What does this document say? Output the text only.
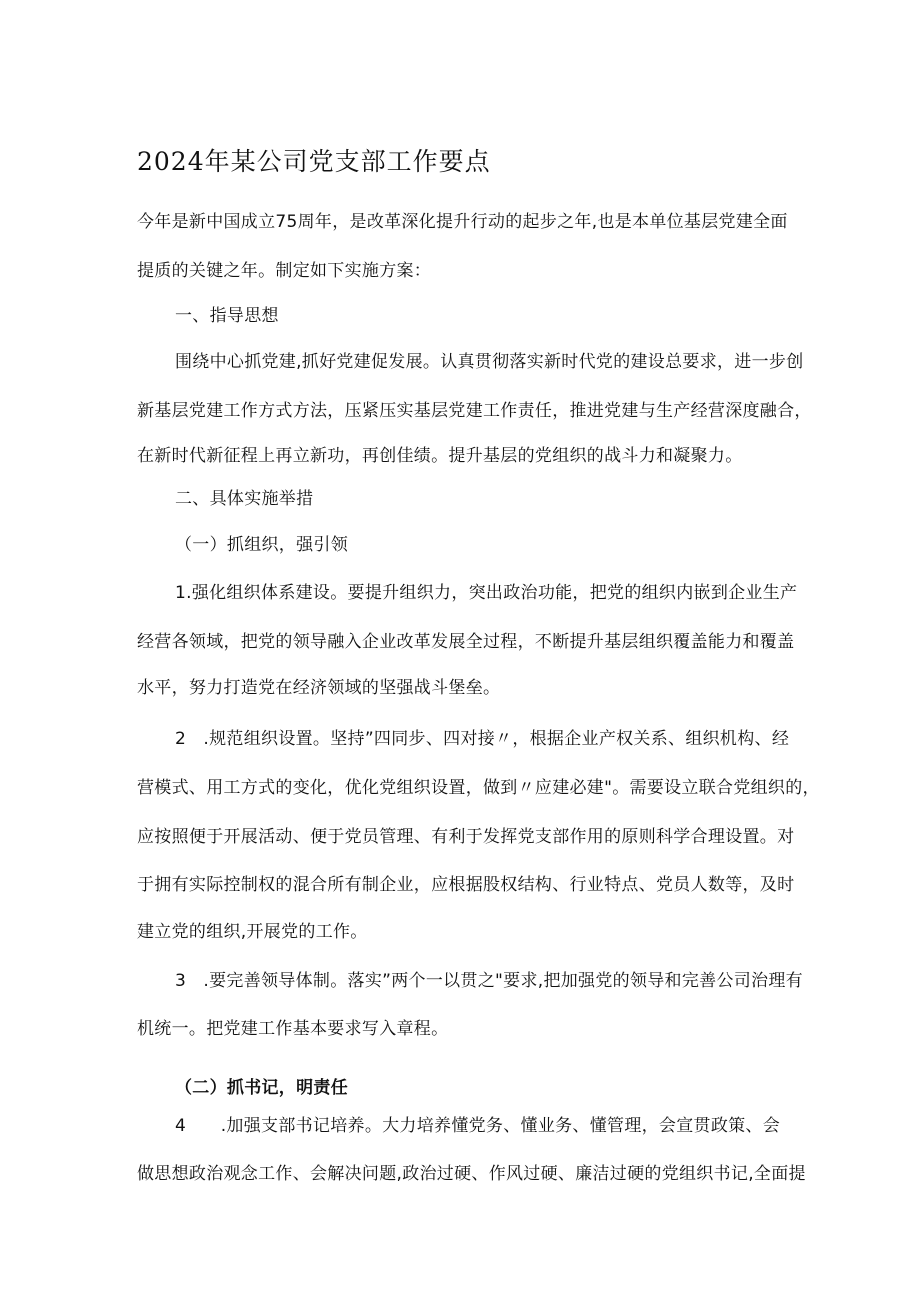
2024年某公司党支部工作要点
今年是新中国成立75周年，是改革深化提升行动的起步之年,也是本单位基层党建全面
提质的关键之年。制定如下实施方案：
一、指导思想
围绕中心抓党建,抓好党建促发展。认真贯彻落实新时代党的建设总要求，进一步创
新基层党建工作方式方法，压紧压实基层党建工作责任，推进党建与生产经营深度融合，
在新时代新征程上再立新功，再创佳绩。提升基层的党组织的战斗力和凝聚力。
二、具体实施举措
（一）抓组织，强引领
1.强化组织体系建设。要提升组织力，突出政治功能，把党的组织内嵌到企业生产
经营各领域，把党的领导融入企业改革发展全过程，不断提升基层组织覆盖能力和覆盖
水平，努力打造党在经济领域的坚强战斗堡垒。
2　.规范组织设置。坚持”四同步、四对接〃，根据企业产权关系、组织机构、经
营模式、用工方式的变化，优化党组织设置，做到〃应建必建"。需要设立联合党组织的，
应按照便于开展活动、便于党员管理、有利于发挥党支部作用的原则科学合理设置。对
于拥有实际控制权的混合所有制企业，应根据股权结构、行业特点、党员人数等，及时
建立党的组织,开展党的工作。
3　.要完善领导体制。落实”两个一以贯之"要求,把加强党的领导和完善公司治理有
机统一。把党建工作基本要求写入章程。
（二）抓书记，明责任
4　　.加强支部书记培养。大力培养懂党务、懂业务、懂管理，会宣贯政策、会
做思想政治观念工作、会解决问题,政治过硬、作风过硬、廉洁过硬的党组织书记,全面提
